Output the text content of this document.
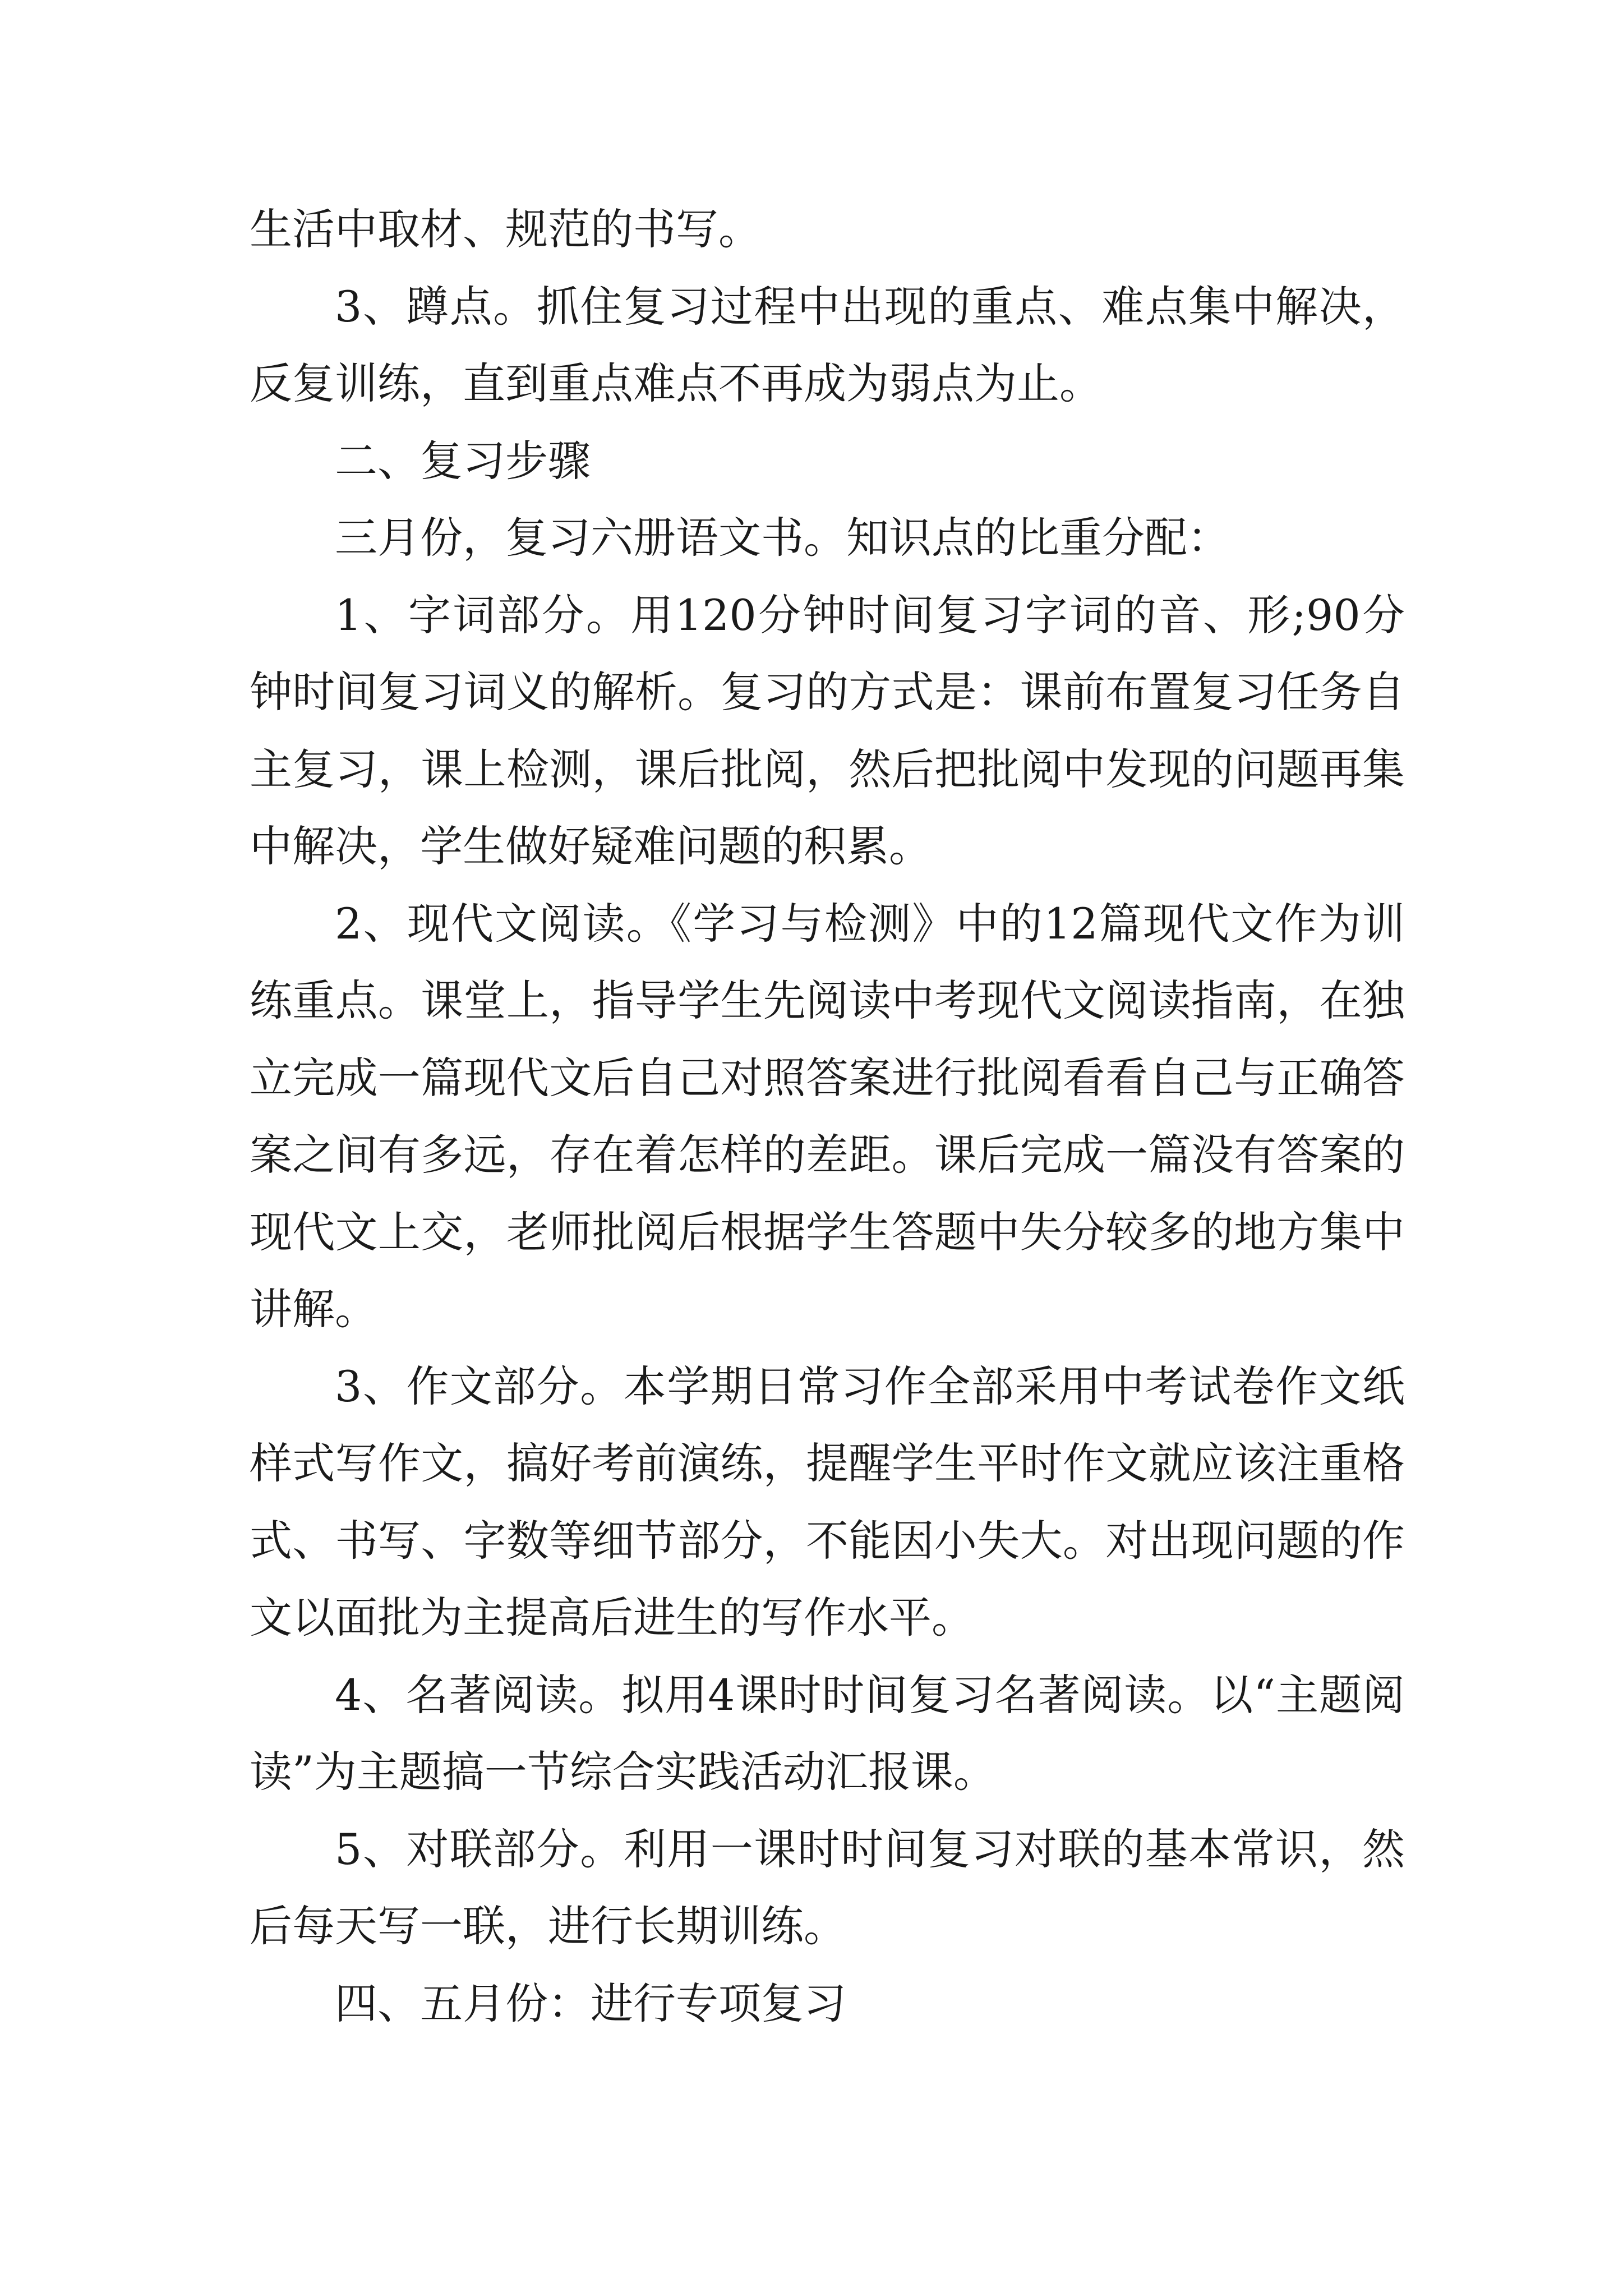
生活中取材、规范的书写。

3、蹲点。抓住复习过程中出现的重点、难点集中解决，反复训练，直到重点难点不再成为弱点为止。

二、复习步骤

三月份，复习六册语文书。知识点的比重分配：

1、字词部分。用120分钟时间复习字词的音、形;90分钟时间复习词义的解析。复习的方式是：课前布置复习任务自主复习，课上检测，课后批阅，然后把批阅中发现的问题再集中解决，学生做好疑难问题的积累。

2、现代文阅读。《学习与检测》中的12篇现代文作为训练重点。课堂上，指导学生先阅读中考现代文阅读指南，在独立完成一篇现代文后自己对照答案进行批阅看看自己与正确答案之间有多远，存在着怎样的差距。课后完成一篇没有答案的现代文上交，老师批阅后根据学生答题中失分较多的地方集中讲解。

3、作文部分。本学期日常习作全部采用中考试卷作文纸样式写作文，搞好考前演练，提醒学生平时作文就应该注重格式、书写、字数等细节部分，不能因小失大。对出现问题的作文以面批为主提高后进生的写作水平。

4、名著阅读。拟用4课时时间复习名著阅读。以“主题阅读”为主题搞一节综合实践活动汇报课。

5、对联部分。利用一课时时间复习对联的基本常识，然后每天写一联，进行长期训练。

四、五月份：进行专项复习
